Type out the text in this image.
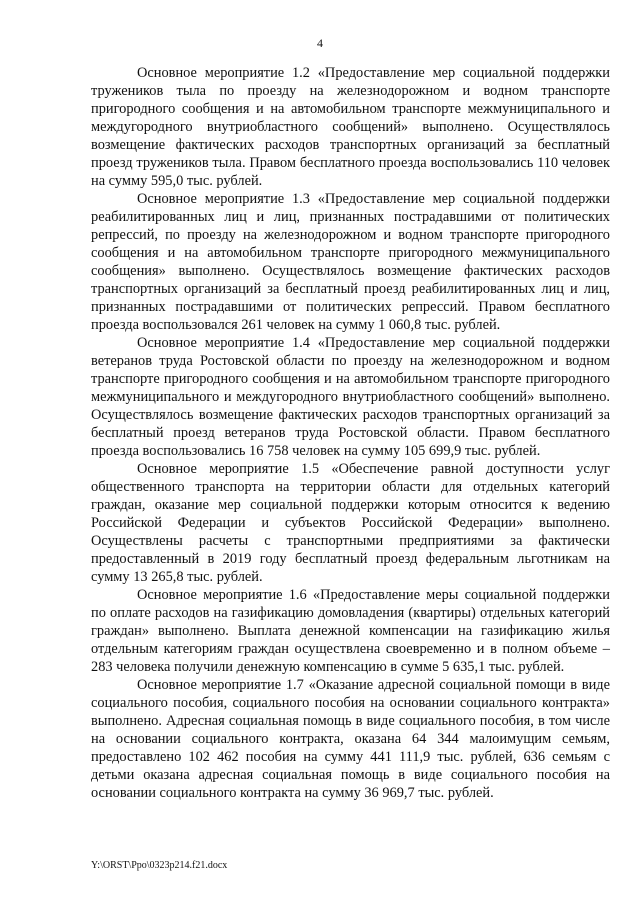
4

Основное мероприятие 1.2 «Предоставление мер социальной поддержки тружеников тыла по проезду на железнодорожном и водном транспорте пригородного сообщения и на автомобильном транспорте межмуниципального и междугородного внутриобластного сообщений» выполнено. Осуществлялось возмещение фактических расходов транспортных организаций за бесплатный проезд тружеников тыла. Правом бесплатного проезда воспользовались 110 человек на сумму 595,0 тыс. рублей.

Основное мероприятие 1.3 «Предоставление мер социальной поддержки реабилитированных лиц и лиц, признанных пострадавшими от политических репрессий, по проезду на железнодорожном и водном транспорте пригородного сообщения и на автомобильном транспорте пригородного межмуниципального сообщения» выполнено. Осуществлялось возмещение фактических расходов транспортных организаций за бесплатный проезд реабилитированных лиц и лиц, признанных пострадавшими от политических репрессий. Правом бесплатного проезда воспользовался 261 человек на сумму 1 060,8 тыс. рублей.

Основное мероприятие 1.4 «Предоставление мер социальной поддержки ветеранов труда Ростовской области по проезду на железнодорожном и водном транспорте пригородного сообщения и на автомобильном транспорте пригородного межмуниципального и междугородного внутриобластного сообщений» выполнено. Осуществлялось возмещение фактических расходов транспортных организаций за бесплатный проезд ветеранов труда Ростовской области. Правом бесплатного проезда воспользовались 16 758 человек на сумму 105 699,9 тыс. рублей.

Основное мероприятие 1.5 «Обеспечение равной доступности услуг общественного транспорта на территории области для отдельных категорий граждан, оказание мер социальной поддержки которым относится к ведению Российской Федерации и субъектов Российской Федерации» выполнено. Осуществлены расчеты с транспортными предприятиями за фактически предоставленный в 2019 году бесплатный проезд федеральным льготникам на сумму 13 265,8 тыс. рублей.

Основное мероприятие 1.6 «Предоставление меры социальной поддержки по оплате расходов на газификацию домовладения (квартиры) отдельных категорий граждан» выполнено. Выплата денежной компенсации на газификацию жилья отдельным категориям граждан осуществлена своевременно и в полном объеме – 283 человека получили денежную компенсацию в сумме 5 635,1 тыс. рублей.

Основное мероприятие 1.7 «Оказание адресной социальной помощи в виде социального пособия, социального пособия на основании социального контракта» выполнено. Адресная социальная помощь в виде социального пособия, в том числе на основании социального контракта, оказана 64 344 малоимущим семьям, предоставлено 102 462 пособия на сумму 441 111,9 тыс. рублей, 636 семьям с детьми оказана адресная социальная помощь в виде социального пособия на основании социального контракта на сумму 36 969,7 тыс. рублей.

Y:\ORST\Ppo\0323p214.f21.docx
